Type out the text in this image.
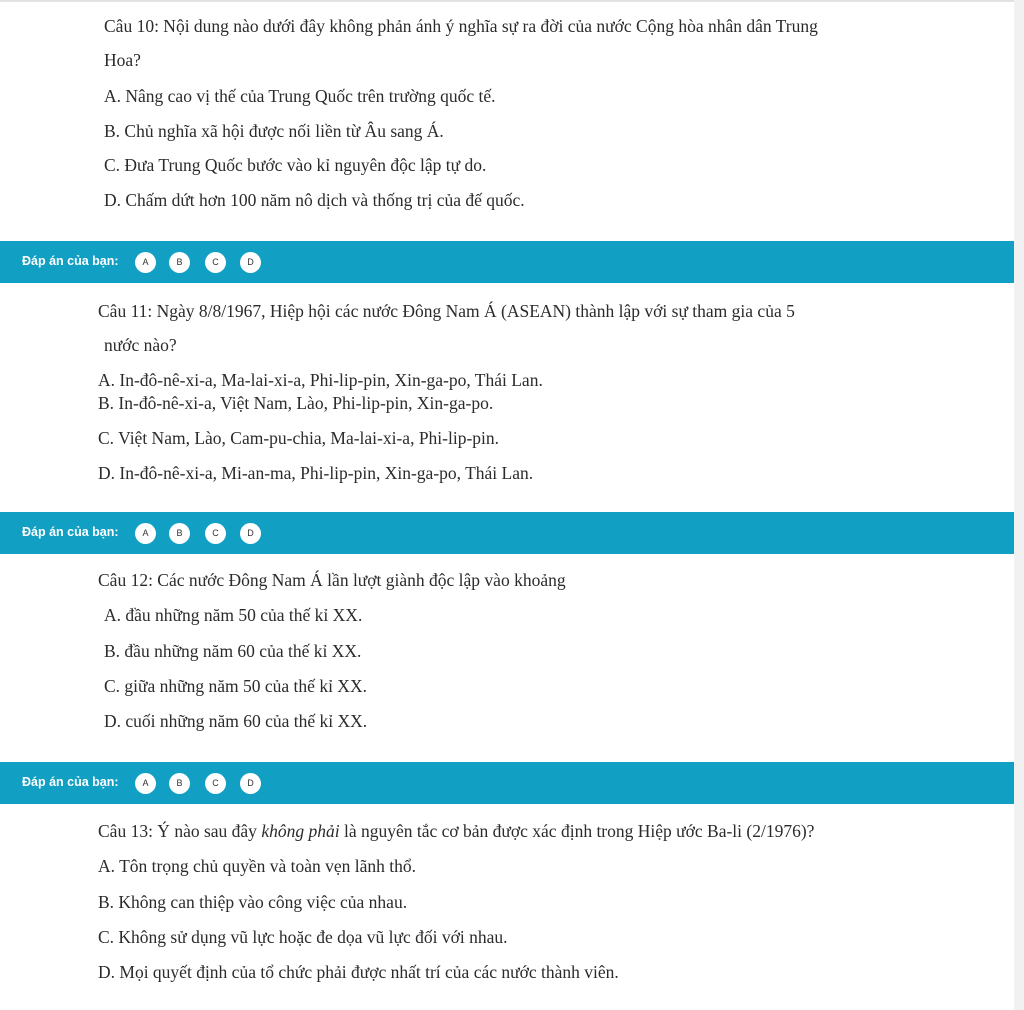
Câu 10: Nội dung nào dưới đây không phản ánh ý nghĩa sự ra đời của nước Cộng hòa nhân dân Trung
Hoa?
A. Nâng cao vị thế của Trung Quốc trên trường quốc tế.
B. Chủ nghĩa xã hội được nối liền từ Âu sang Á.
C. Đưa Trung Quốc bước vào kỉ nguyên độc lập tự do.
D. Chấm dứt hơn 100 năm nô dịch và thống trị của đế quốc.
Đáp án của bạn:	A	B	C	D
Câu 11: Ngày 8/8/1967, Hiệp hội các nước Đông Nam Á (ASEAN) thành lập với sự tham gia của 5
nước nào?
A. In-đô-nê-xi-a, Ma-lai-xi-a, Phi-lip-pin, Xin-ga-po, Thái Lan.
B. In-đô-nê-xi-a, Việt Nam, Lào, Phi-lip-pin, Xin-ga-po.
C. Việt Nam, Lào, Cam-pu-chia, Ma-lai-xi-a, Phi-lip-pin.
D. In-đô-nê-xi-a, Mi-an-ma, Phi-lip-pin, Xin-ga-po, Thái Lan.
Đáp án của bạn:	A	B	C	D
Câu 12: Các nước Đông Nam Á lần lượt giành độc lập vào khoảng
A. đầu những năm 50 của thế kỉ XX.
B. đầu những năm 60 của thế kỉ XX.
C. giữa những năm 50 của thế kỉ XX.
D. cuối những năm 60 của thế kỉ XX.
Đáp án của bạn:	A	B	C	D
Câu 13: Ý nào sau đây không phải là nguyên tắc cơ bản được xác định trong Hiệp ước Ba-li (2/1976)?
A. Tôn trọng chủ quyền và toàn vẹn lãnh thổ.
B. Không can thiệp vào công việc của nhau.
C. Không sử dụng vũ lực hoặc đe dọa vũ lực đối với nhau.
D. Mọi quyết định của tổ chức phải được nhất trí của các nước thành viên.
